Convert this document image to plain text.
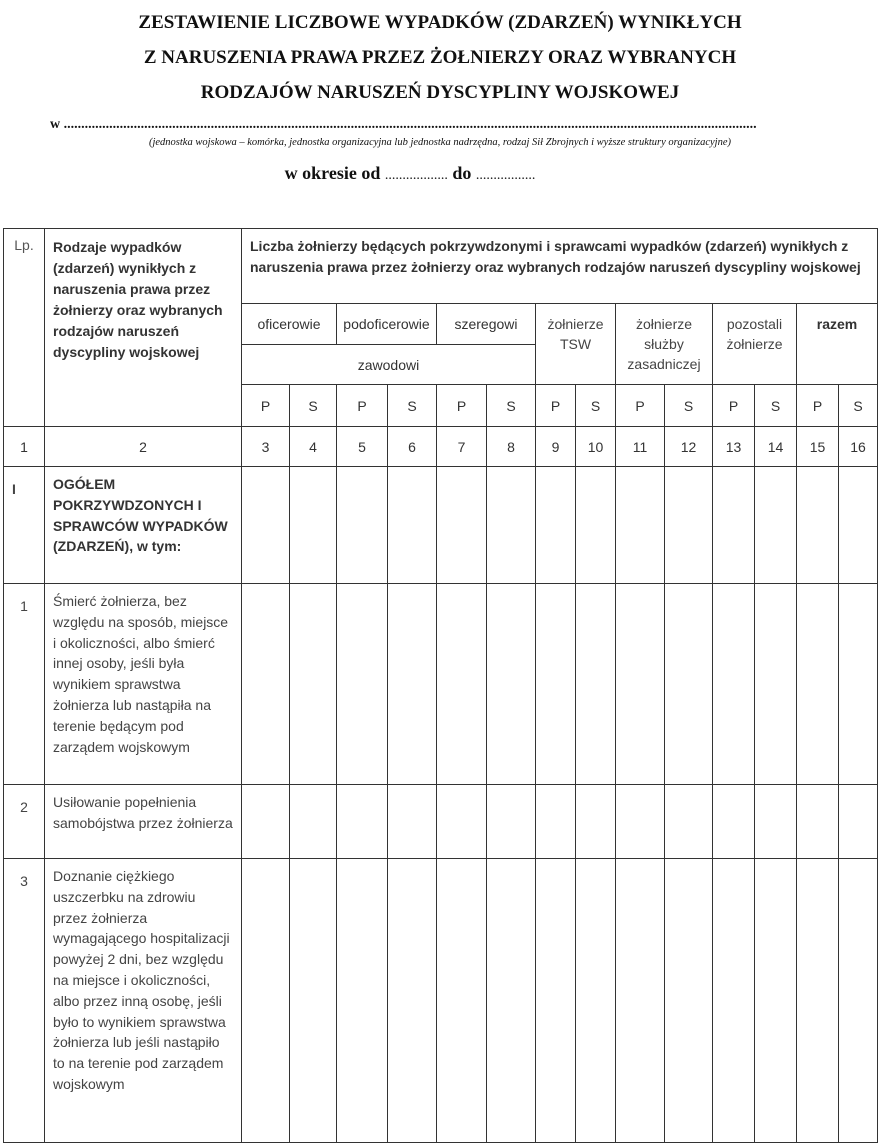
ZESTAWIENIE LICZBOWE WYPADKÓW (ZDARZEŃ) WYNIKŁYCH
Z NARUSZENIA PRAWA PRZEZ ŻOŁNIERZY ORAZ WYBRANYCH
RODZAJÓW NARUSZEŃ DYSCYPLINY WOJSKOWEJ
w ......................................................................................................................................................................................................
(jednostka wojskowa – komórka, jednostka organizacyjna lub jednostka nadrzędna, rodzaj Sił Zbrojnych i wyższe struktury organizacyjne)
w okresie od .................. do .................
Lp.	Rodzaje wypadków (zdarzeń) wynikłych z naruszenia prawa przez żołnierzy oraz wybranych rodzajów naruszeń dyscypliny wojskowej	Liczba żołnierzy będących pokrzywdzonymi i sprawcami wypadków (zdarzeń) wynikłych z naruszenia prawa przez żołnierzy oraz wybranych rodzajów naruszeń dyscypliny wojskowej													
		oficerowie		podoficerowie		szeregowi		żołnierze TSW		żołnierze służby zasadniczej		pozostali żołnierze		razem	
		zawodowi													
		P	S	P	S	P	S	P	S	P	S	P	S	P	S
1	2	3	4	5	6	7	8	9	10	11	12	13	14	15	16
I	OGÓŁEM POKRZYWDZONYCH I SPRAWCÓW WYPADKÓW (ZDARZEŃ), w tym:														
1	Śmierć żołnierza, bez względu na sposób, miejsce i okoliczności, albo śmierć innej osoby, jeśli była wynikiem sprawstwa żołnierza lub nastąpiła na terenie będącym pod zarządem wojskowym														
2	Usiłowanie popełnienia samobójstwa przez żołnierza														
3	Doznanie ciężkiego uszczerbku na zdrowiu przez żołnierza wymagającego hospitalizacji powyżej 2 dni, bez względu na miejsce i okoliczności, albo przez inną osobę, jeśli było to wynikiem sprawstwa żołnierza lub jeśli nastąpiło to na terenie pod zarządem wojskowym														
